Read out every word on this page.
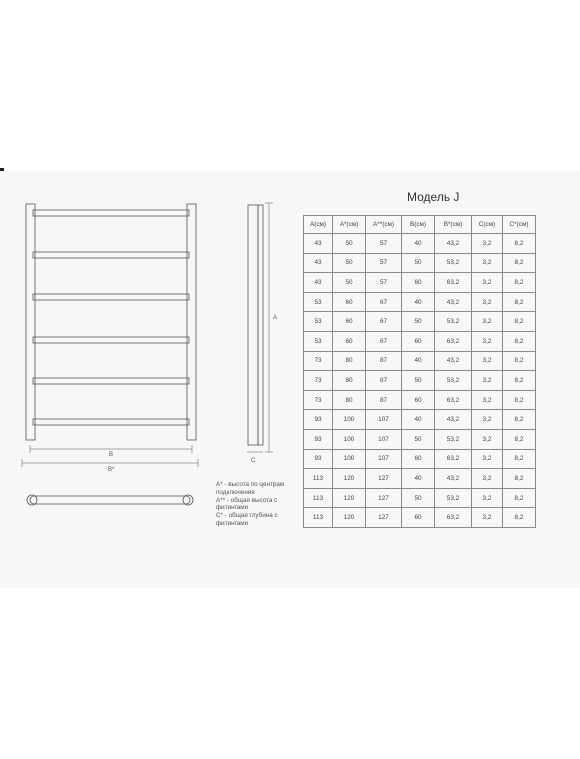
B
B*
A
C
Модель J
A(см)	A*(см)	A**(см)	B(см)	B*(см)	C(см)	C*(см)
43	50	57	40	43,2	3,2	8,2
43	50	57	50	53,2	3,2	8,2
43	50	57	60	63,2	3,2	8,2
53	60	67	40	43,2	3,2	8,2
53	60	67	50	53,2	3,2	8,2
53	60	67	60	63,2	3,2	8,2
73	80	87	40	43,2	3,2	8,2
73	80	87	50	53,2	3,2	8,2
73	80	87	60	63,2	3,2	8,2
93	100	107	40	43,2	3,2	8,2
93	100	107	50	53,2	3,2	8,2
93	100	107	60	63,2	3,2	8,2
113	120	127	40	43,2	3,2	8,2
113	120	127	50	53,2	3,2	8,2
113	120	127	60	63,2	3,2	8,2
A* - высота по центрам подключения
A** - общая высота с фитингами
C* - общая глубина с фитингами
